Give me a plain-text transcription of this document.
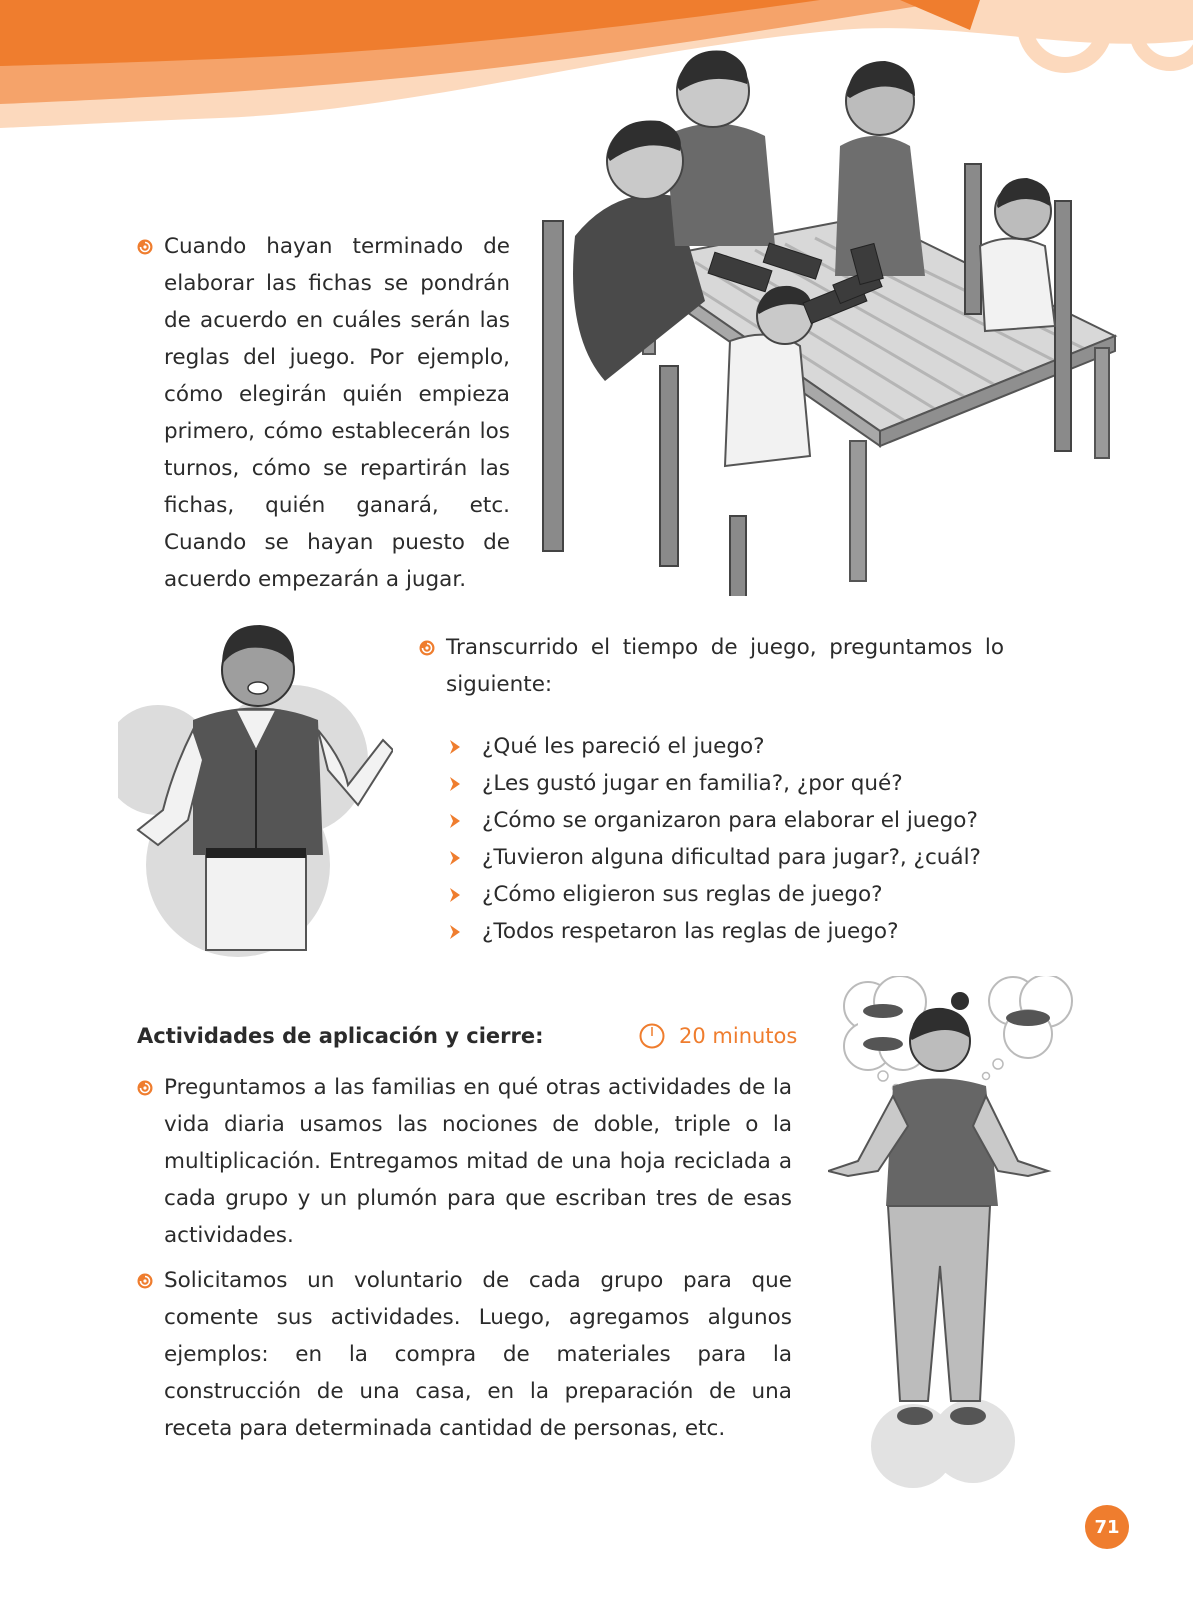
Cuando hayan terminado de elaborar las fichas se pondrán de acuerdo en cuáles serán las reglas del juego. Por ejemplo, cómo elegirán quién empieza primero, cómo establecerán los turnos, cómo se repartirán las fichas, quién ganará, etc. Cuando se hayan puesto de acuerdo empezarán a jugar.

Transcurrido el tiempo de juego, preguntamos lo siguiente:

¿Qué les pareció el juego?
¿Les gustó jugar en familia?, ¿por qué?
¿Cómo se organizaron para elaborar el juego?
¿Tuvieron alguna dificultad para jugar?, ¿cuál?
¿Cómo eligieron sus reglas de juego?
¿Todos respetaron las reglas de juego?
Actividades de aplicación y cierre:	20 minutos

Preguntamos a las familias en qué otras actividades de la vida diaria usamos las nociones de doble, triple o la multiplicación. Entregamos mitad de una hoja reciclada a cada grupo y un plumón para que escriban tres de esas actividades.

Solicitamos un voluntario de cada grupo para que comente sus actividades. Luego, agregamos algunos ejemplos: en la compra de materiales para la construcción de una casa, en la preparación de una receta para determinada cantidad de personas, etc.

71
